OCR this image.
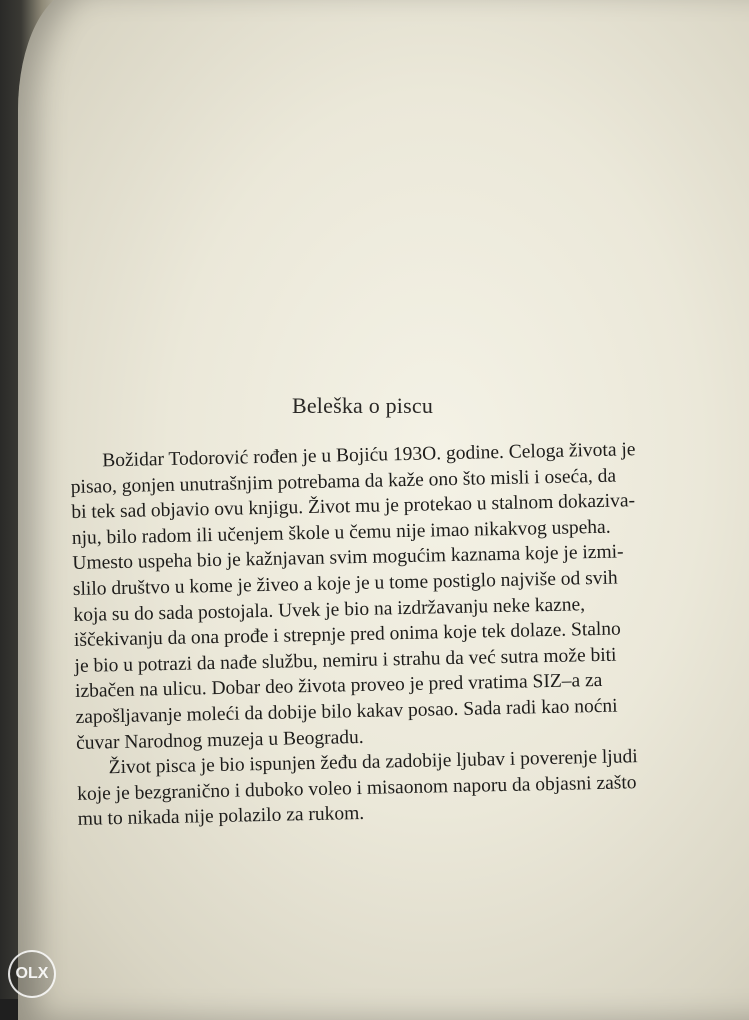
Beleška o piscu
Božidar Todorović rođen je u Bojiću 193O. godine. Celoga života je
pisao, gonjen unutrašnjim potrebama da kaže ono što misli i oseća, da
bi tek sad objavio ovu knjigu. Život mu je protekao u stalnom dokaziva-
nju, bilo radom ili učenjem škole u čemu nije imao nikakvog uspeha.
Umesto uspeha bio je kažnjavan svim mogućim kaznama koje je izmi-
slilo društvo u kome je živeo a koje je u tome postiglo najviše od svih
koja su do sada postojala. Uvek je bio na izdržavanju neke kazne,
iščekivanju da ona prođe i strepnje pred onima koje tek dolaze. Stalno
je bio u potrazi da nađe službu, nemiru i strahu da već sutra može biti
izbačen na ulicu. Dobar deo života proveo je pred vratima SIZ–a za
zapošljavanje moleći da dobije bilo kakav posao. Sada radi kao noćni
čuvar Narodnog muzeja u Beogradu.
Život pisca je bio ispunjen žeđu da zadobije ljubav i poverenje ljudi
koje je bezgranično i duboko voleo i misaonom naporu da objasni zašto
mu to nikada nije polazilo za rukom.
OLX
